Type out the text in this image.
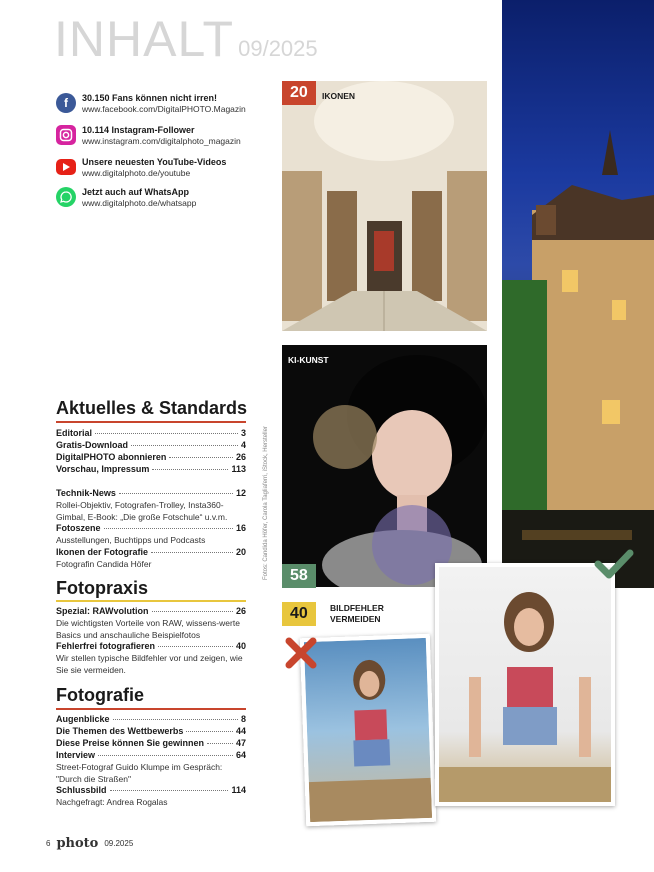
INHALT 09/2025
f	30.150 Fans können nicht irren!
www.facebook.com/DigitalPHOTO.Magazin
10.114 Instagram-Follower
www.instagram.com/digitalphoto_magazin
Unsere neuesten YouTube-Videos
www.digitalphoto.de/youtube
Jetzt auch auf WhatsApp
www.digitalphoto.de/whatsapp
Aktuelles & Standards
Editorial	3
Gratis-Download	4
DigitalPHOTO abonnieren	26
Vorschau, Impressum	113
Technik-News	12
Rollei-Objektiv, Fotografen-Trolley, Insta360-Gimbal, E-Book: „Die große Fotschule“ u.v.m.
Fotoszene	16
Ausstellungen, Buchtipps und Podcasts
Ikonen der Fotografie	20
Fotografin Candida Höfer
Fotopraxis
Spezial: RAWvolution	26
Die wichtigsten Vorteile von RAW, wissens-werte Basics und anschauliche Beispielfotos
Fehlerfrei fotografieren	40
Wir stellen typische Bildfehler vor und zeigen, wie Sie sie vermeiden.
Fotografie
Augenblicke	8
Die Themen des Wettbewerbs	44
Diese Preise können Sie gewinnen	47
Interview	64
Street-Fotograf Guido Klumpe im Gespräch: "Durch die Straßen"
Schlussbild	114
Nachgefragt: Andrea Rogalas
20	IKONEN
KI-KUNST
58
40	BILDFEHLER
VERMEIDEN
Fotos: Candida Höfer, Carola Tagliaferri, iStock, Hersteller
6 photo 09.2025
